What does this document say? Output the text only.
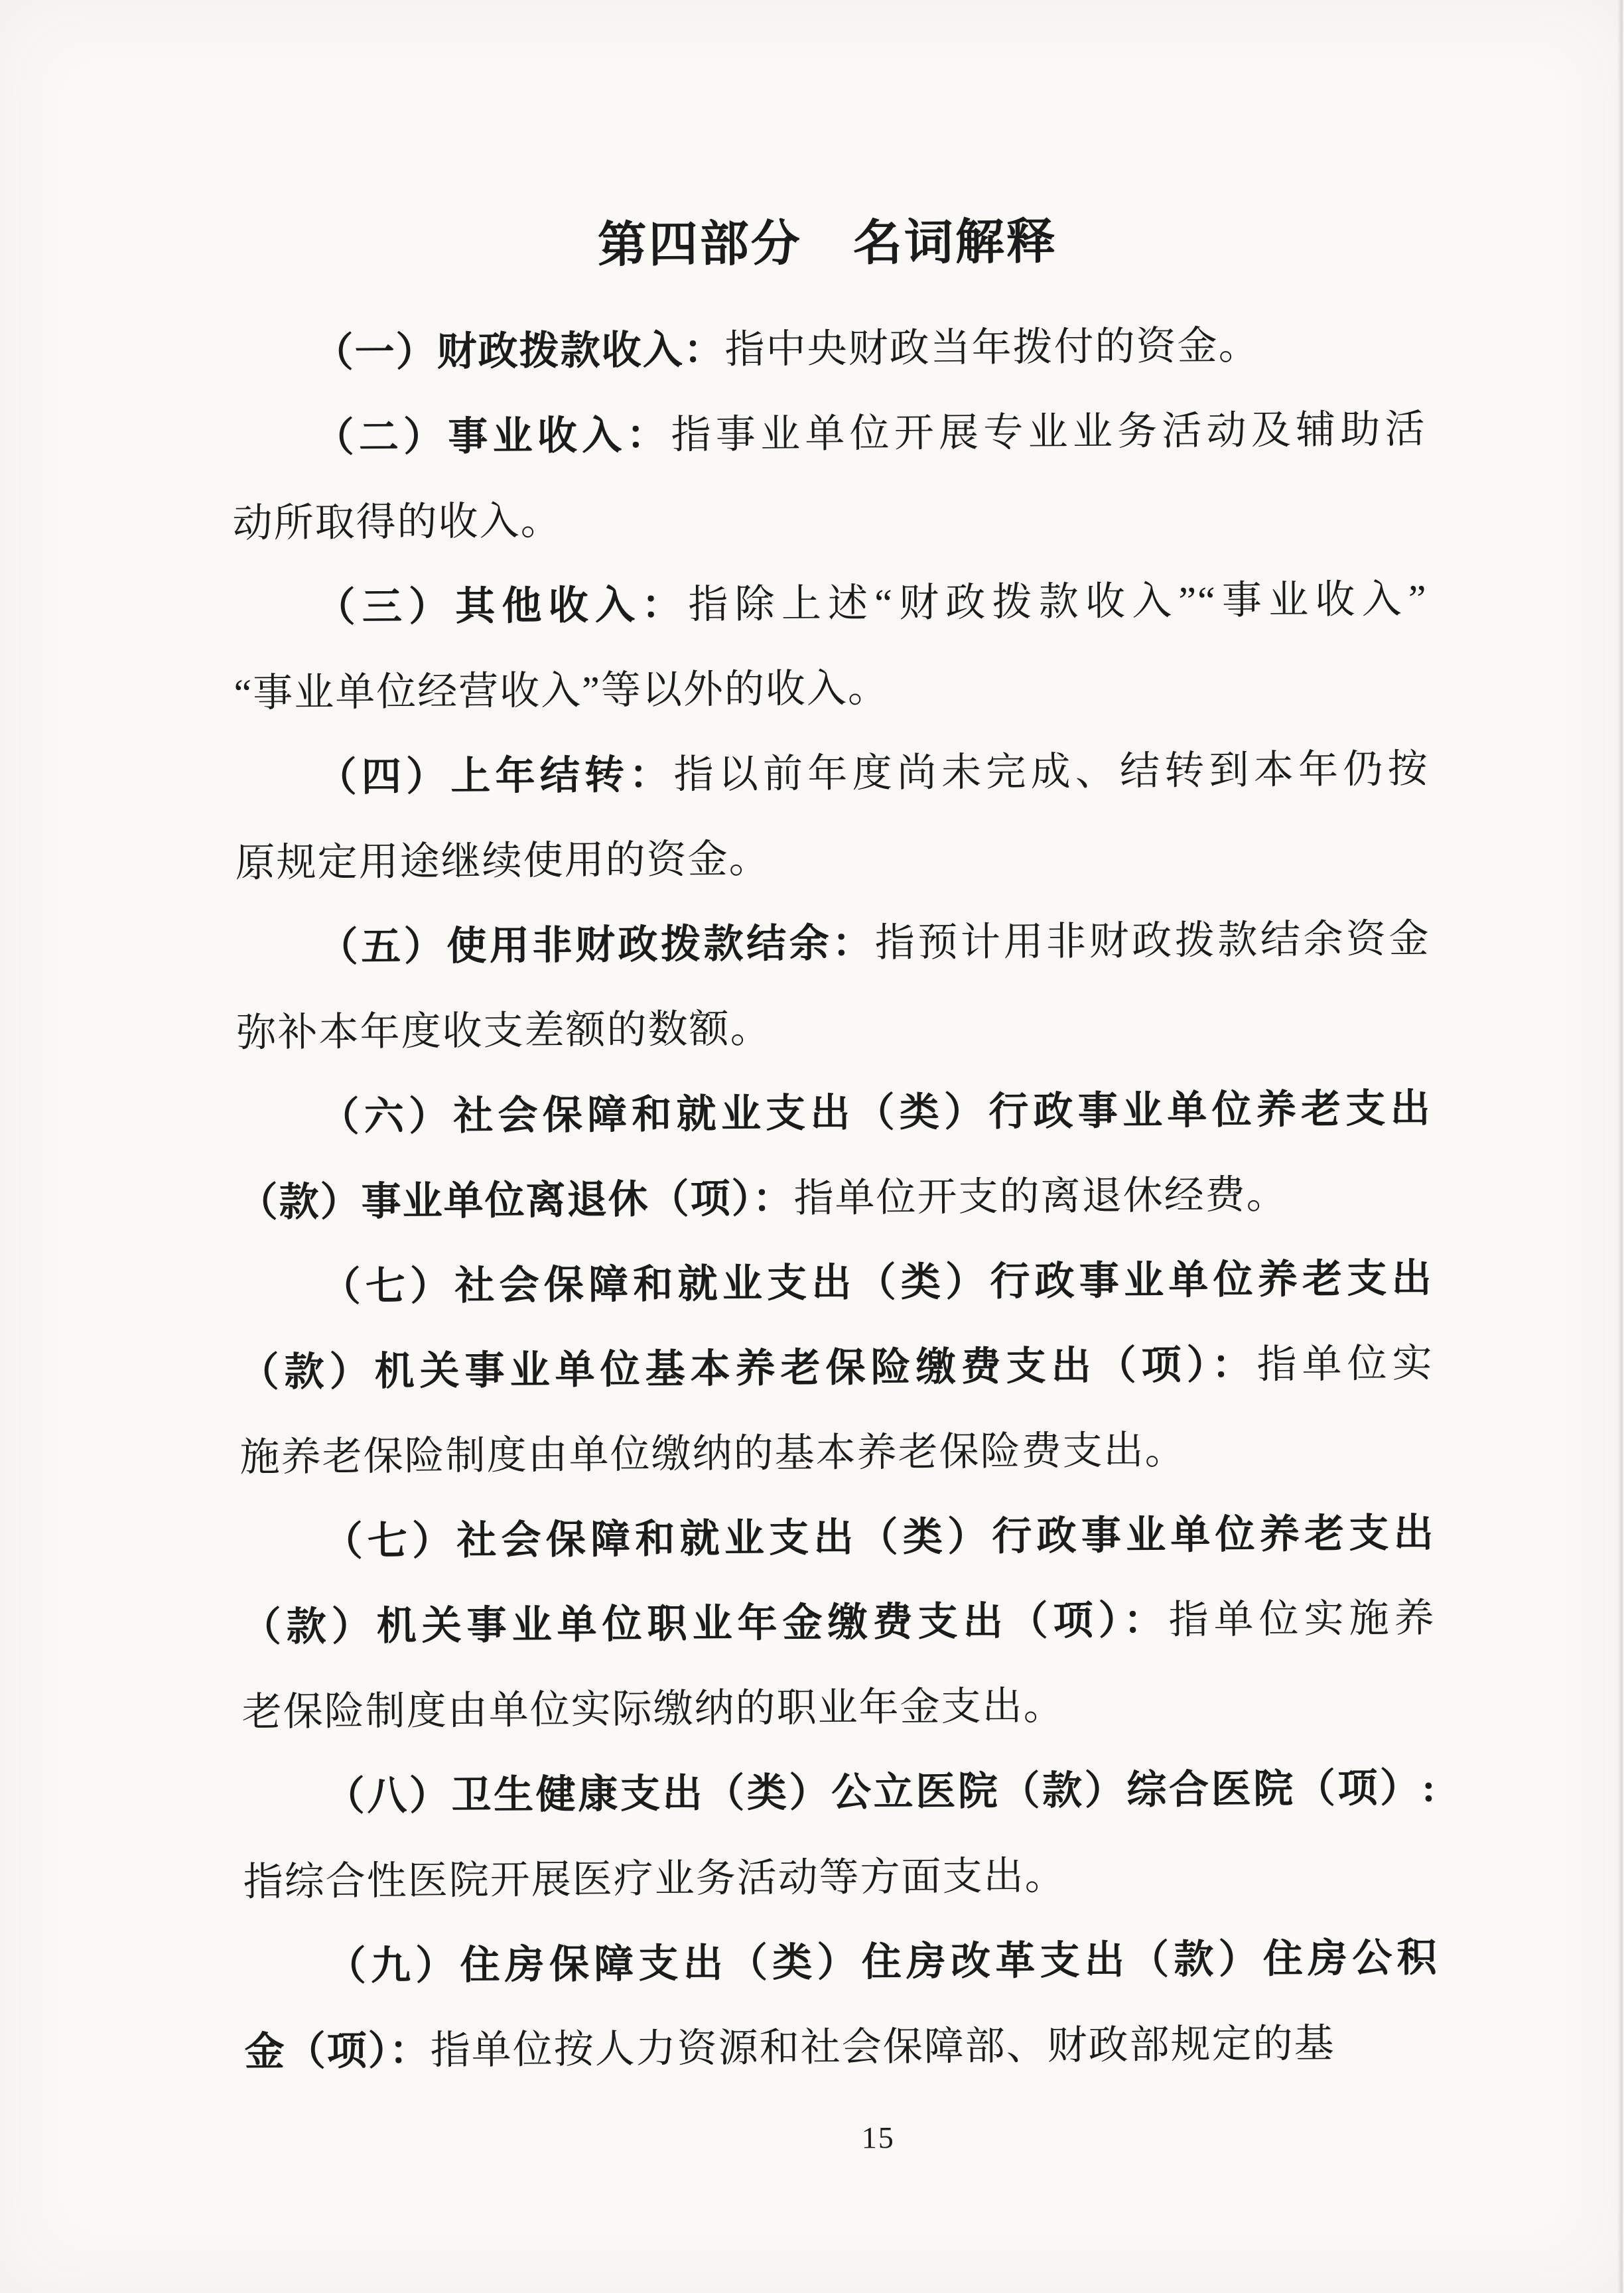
第四部分　名词解释
（一）财政拨款收入：指中央财政当年拨付的资金。
（二）事业收入：指事业单位开展专业业务活动及辅助活
动所取得的收入。
（三）其他收入：指除上述“财政拨款收入”“事业收入”
“事业单位经营收入”等以外的收入。
（四）上年结转：指以前年度尚未完成、结转到本年仍按
原规定用途继续使用的资金。
（五）使用非财政拨款结余：指预计用非财政拨款结余资金
弥补本年度收支差额的数额。
（六）社会保障和就业支出（类）行政事业单位养老支出
（款）事业单位离退休（项）：指单位开支的离退休经费。
（七）社会保障和就业支出（类）行政事业单位养老支出
（款）机关事业单位基本养老保险缴费支出（项）：指单位实
施养老保险制度由单位缴纳的基本养老保险费支出。
（七）社会保障和就业支出（类）行政事业单位养老支出
（款）机关事业单位职业年金缴费支出（项）：指单位实施养
老保险制度由单位实际缴纳的职业年金支出。
（八）卫生健康支出（类）公立医院（款）综合医院（项）:
指综合性医院开展医疗业务活动等方面支出。
（九）住房保障支出（类）住房改革支出（款）住房公积
金（项）：指单位按人力资源和社会保障部、财政部规定的基
15
